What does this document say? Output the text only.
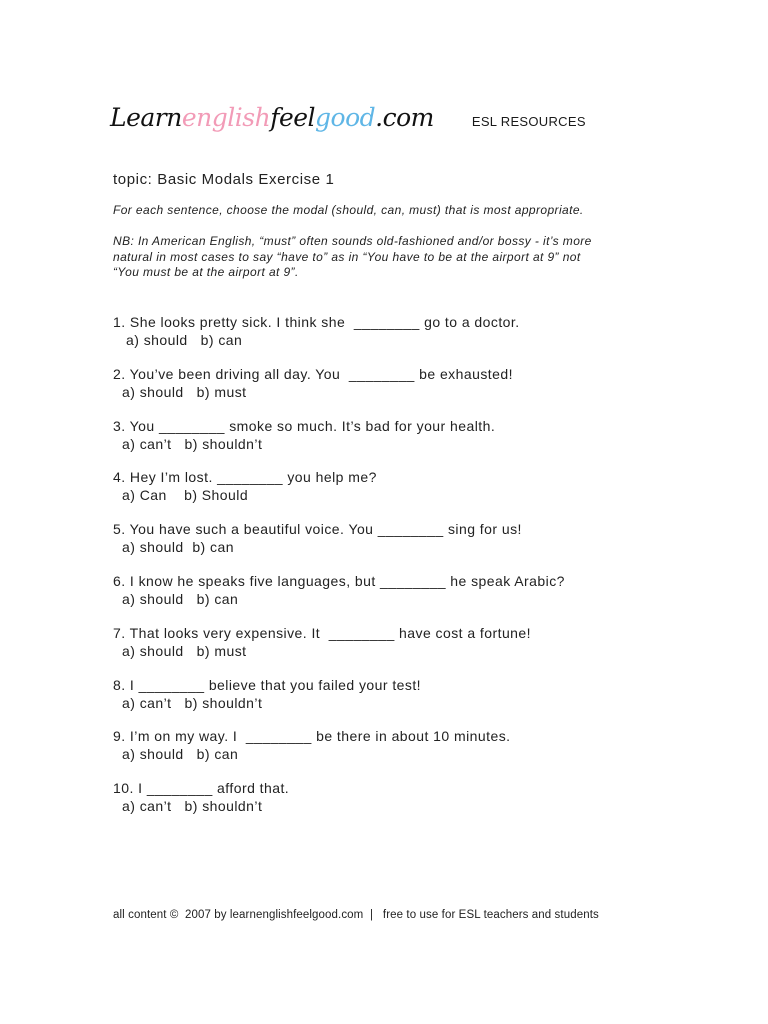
Learnenglishfeelgood.com	ESL RESOURCES
topic: Basic Modals Exercise 1
For each sentence, choose the modal (should, can, must) that is most appropriate.
NB: In American English, “must” often sounds old-fashioned and/or bossy - it’s more
natural in most cases to say “have to” as in “You have to be at the airport at 9” not
“You must be at the airport at 9”.
1. She looks pretty sick. I think she  ________ go to a doctor.
a) should   b) can
2. You’ve been driving all day. You  ________ be exhausted!
a) should   b) must
3. You ________ smoke so much. It’s bad for your health.
a) can’t   b) shouldn’t
4. Hey I’m lost. ________ you help me?
a) Can    b) Should
5. You have such a beautiful voice. You ________ sing for us!
a) should  b) can
6. I know he speaks five languages, but ________ he speak Arabic?
a) should   b) can
7. That looks very expensive. It  ________ have cost a fortune!
a) should   b) must
8. I ________ believe that you failed your test!
a) can’t   b) shouldn’t
9. I’m on my way. I  ________ be there in about 10 minutes.
a) should   b) can
10. I ________ afford that.
a) can’t   b) shouldn’t
all content ©  2007 by learnenglishfeelgood.com  |   free to use for ESL teachers and students
